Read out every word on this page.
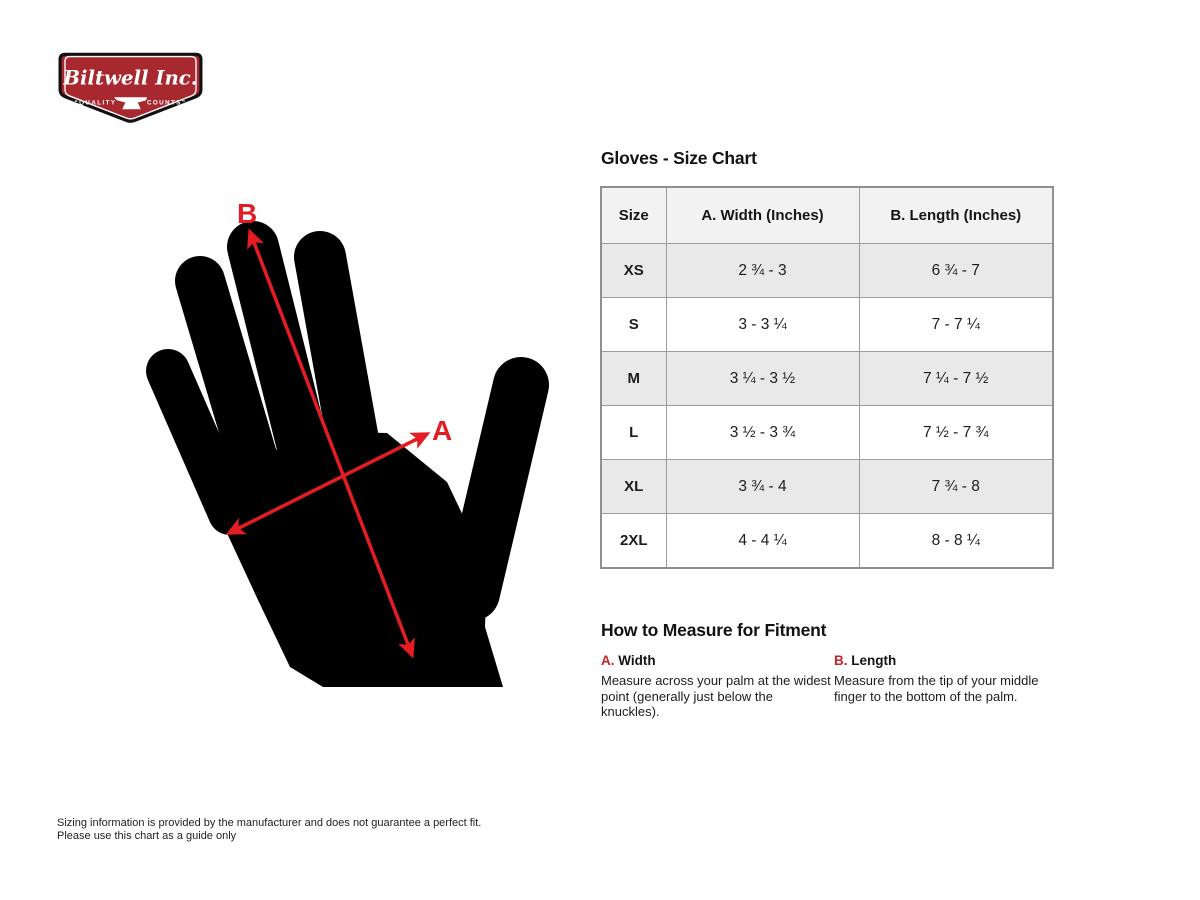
Biltwell Inc.
“QUALITY	COUNTS”
B
A
Gloves - Size Chart
Size	A. Width (Inches)	B. Length (Inches)
XS	2 ¾ - 3	6 ¾ - 7
S	3 - 3 ¼	7 - 7 ¼
M	3 ¼ - 3 ½	7 ¼ - 7 ½
L	3 ½ - 3 ¾	7 ½ - 7 ¾
XL	3 ¾ - 4	7 ¾ - 8
2XL	4 - 4 ¼	8 - 8 ¼
How to Measure for Fitment

A. Width

Measure across your palm at the widest point (generally just below the knuckles).

B. Length

Measure from the tip of your middle finger to the bottom of the palm.

Sizing information is provided by the manufacturer and does not guarantee a perfect fit.
Please use this chart as a guide only
